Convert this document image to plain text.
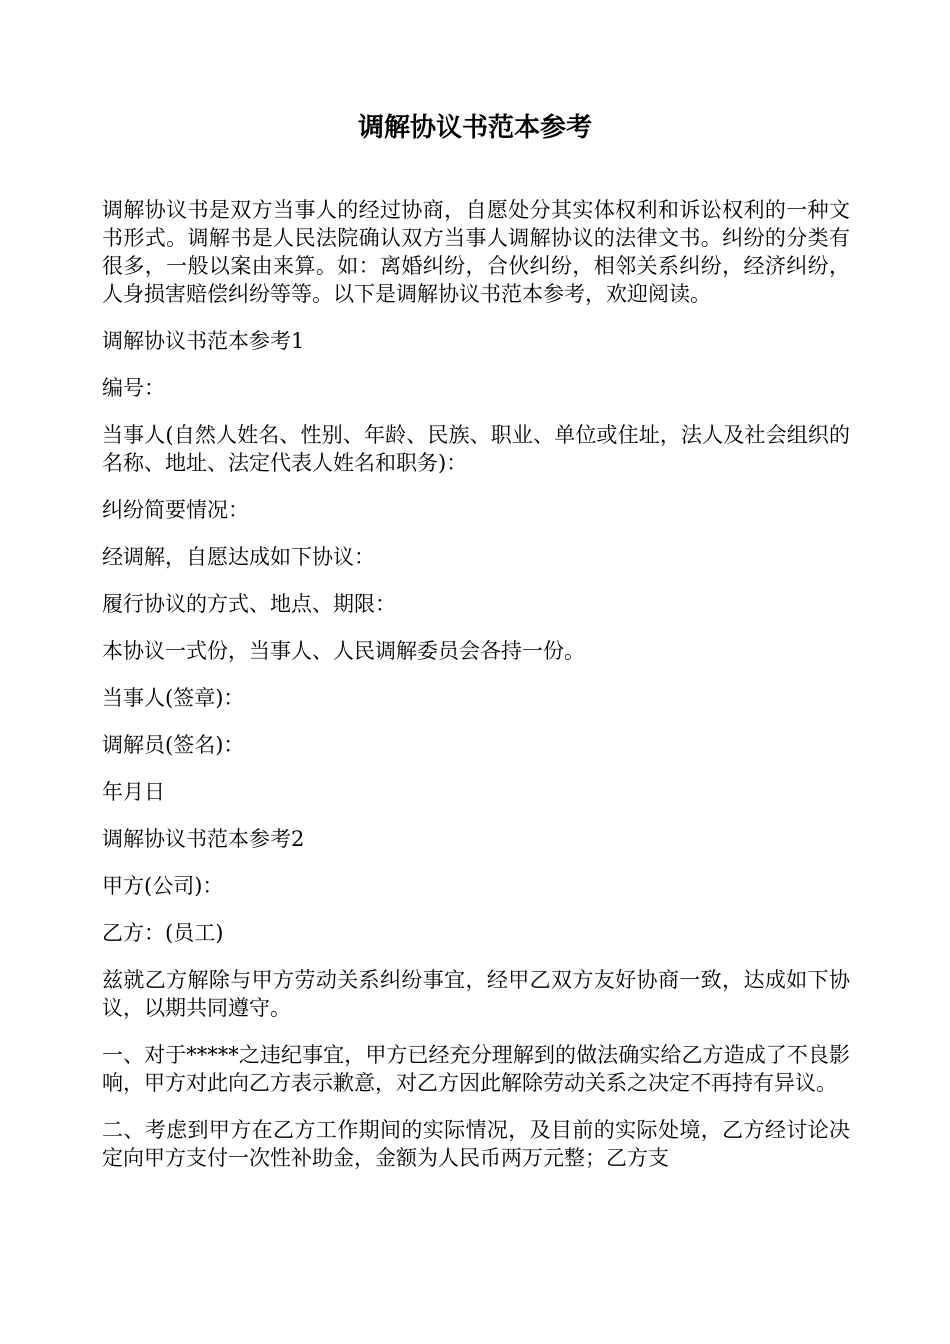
调解协议书范本参考

调解协议书是双方当事人的经过协商，自愿处分其实体权利和诉讼权利的一种文书形式。调解书是人民法院确认双方当事人调解协议的法律文书。纠纷的分类有很多，一般以案由来算。如：离婚纠纷，合伙纠纷，相邻关系纠纷，经济纠纷，人身损害赔偿纠纷等等。以下是调解协议书范本参考，欢迎阅读。

调解协议书范本参考1

编号：

当事人(自然人姓名、性别、年龄、民族、职业、单位或住址，法人及社会组织的名称、地址、法定代表人姓名和职务)：

纠纷简要情况：

经调解，自愿达成如下协议：

履行协议的方式、地点、期限：

本协议一式份，当事人、人民调解委员会各持一份。

当事人(签章)：

调解员(签名)：

年月日

调解协议书范本参考2

甲方(公司)：

乙方：(员工)

兹就乙方解除与甲方劳动关系纠纷事宜，经甲乙双方友好协商一致，达成如下协议，以期共同遵守。

一、对于*****之违纪事宜，甲方已经充分理解到的做法确实给乙方造成了不良影响，甲方对此向乙方表示歉意，对乙方因此解除劳动关系之决定不再持有异议。

二、考虑到甲方在乙方工作期间的实际情况，及目前的实际处境，乙方经讨论决定向甲方支付一次性补助金，金额为人民币两万元整；乙方支
